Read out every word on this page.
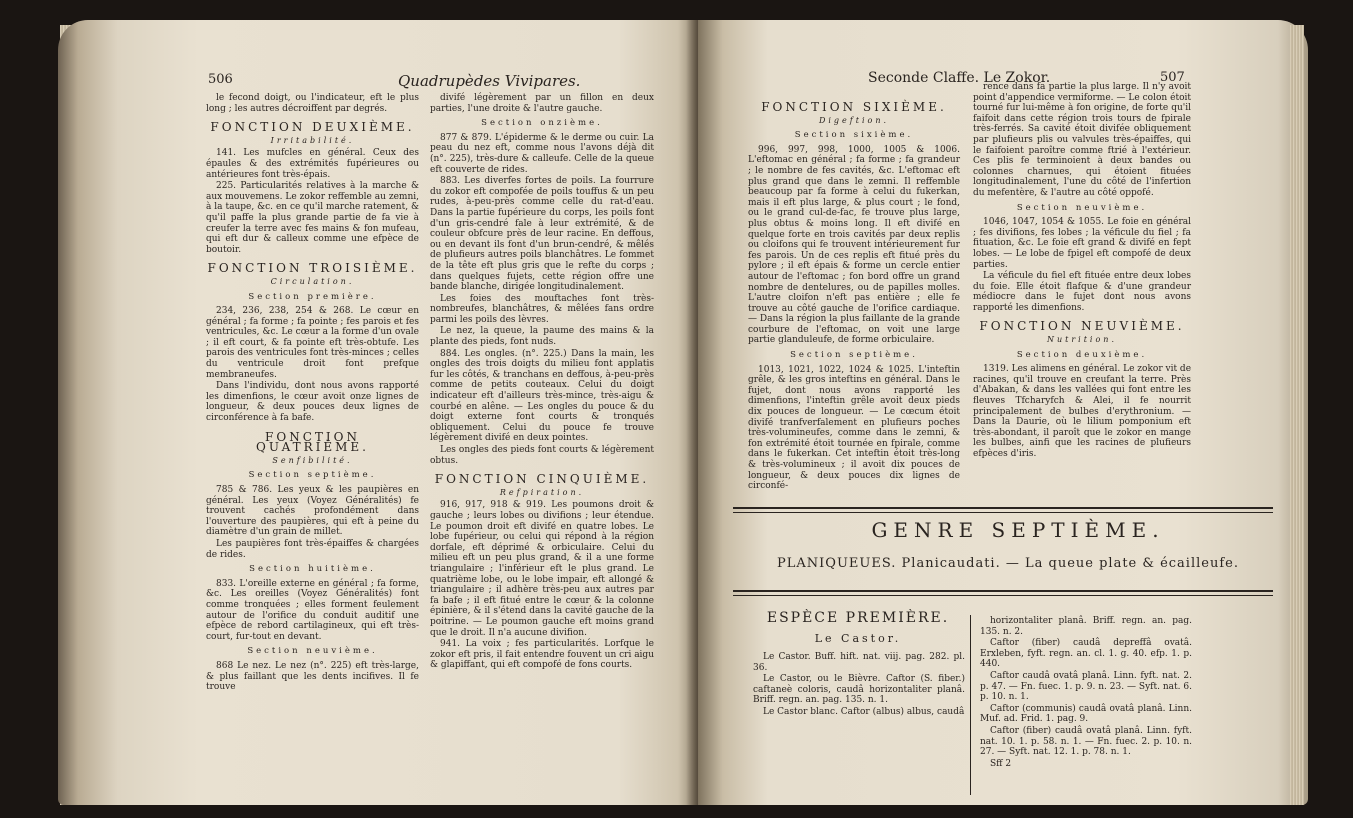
506	Quadrupèdes Vivipares.

le fecond doigt, ou l'indicateur, eft le plus long ; les autres décroiffent par degrés.

FONCTION DEUXIÈME.
Irritabilité.

141. Les mufcles en général. Ceux des épaules & des extrémités fupérieures ou antérieures font très-épais.

225. Particularités relatives à la marche & aux mouvemens. Le zokor reffemble au zemni, à la taupe, &c. en ce qu'il marche ratement, & qu'il paffe la plus grande partie de fa vie à creufer la terre avec fes mains & fon mufeau, qui eft dur & calleux comme une efpèce de boutoir.

FONCTION TROISIÈME.
Circulation.
Section première.

234, 236, 238, 254 & 268. Le cœur en général ; fa forme ; fa pointe ; fes parois et fes ventricules, &c. Le cœur a la forme d'un ovale ; il eft court, & fa pointe eft très-obtufe. Les parois des ventricules font très-minces ; celles du ventricule droit font prefque membraneufes.

Dans l'individu, dont nous avons rapporté les dimenfions, le cœur avoit onze lignes de longueur, & deux pouces deux lignes de circonférence à fa bafe.

FONCTION QUATRIÈME.
Senfibilité.
Section septième.

785 & 786. Les yeux & les paupières en général. Les yeux (Voyez Généralités) fe trouvent cachés profondément dans l'ouverture des paupières, qui eft à peine du diamètre d'un grain de millet.

Les paupières font très-épaiffes & chargées de rides.

Section huitième.

833. L'oreille externe en général ; fa forme, &c. Les oreilles (Voyez Généralités) font comme tronquées ; elles forment feulement autour de l'orifice du conduit auditif une efpèce de rebord cartilagineux, qui eft très-court, fur-tout en devant.

Section neuvième.

868 Le nez. Le nez (n°. 225) eft très-large, & plus faillant que les dents incifives. Il fe trouve

divifé légèrement par un fillon en deux parties, l'une droite & l'autre gauche.

Section onzième.

877 & 879. L'épiderme & le derme ou cuir. La peau du nez eft, comme nous l'avons déjà dit (n°. 225), très-dure & calleufe. Celle de la queue eft couverte de rides.

883. Les diverfes fortes de poils. La fourrure du zokor eft compofée de poils touffus & un peu rudes, à-peu-près comme celle du rat-d'eau. Dans la partie fupérieure du corps, les poils font d'un gris-cendré fale à leur extrémité, & de couleur obfcure près de leur racine. En deffous, ou en devant ils font d'un brun-cendré, & mêlés de plufieurs autres poils blanchâtres. Le fommet de la tête eft plus gris que le refte du corps ; dans quelques fujets, cette région offre une bande blanche, dirigée longitudinalement.

Les foies des mouftaches font très-nombreufes, blanchâtres, & mêlées fans ordre parmi les poils des lèvres.

Le nez, la queue, la paume des mains & la plante des pieds, font nuds.

884. Les ongles. (n°. 225.) Dans la main, les ongles des trois doigts du milieu font applatis fur les côtés, & tranchans en deffous, à-peu-près comme de petits couteaux. Celui du doigt indicateur eft d'ailleurs très-mince, très-aigu & courbé en alêne. — Les ongles du pouce & du doigt externe font courts & tronqués obliquement. Celui du pouce fe trouve légèrement divifé en deux pointes.

Les ongles des pieds font courts & légèrement obtus.

FONCTION CINQUIÈME.
Refpiration.

916, 917, 918 & 919. Les poumons droit & gauche ; leurs lobes ou divifions ; leur étendue. Le poumon droit eft divifé en quatre lobes. Le lobe fupérieur, ou celui qui répond à la région dorfale, eft déprimé & orbiculaire. Celui du milieu eft un peu plus grand, & il a une forme triangulaire ; l'inférieur eft le plus grand. Le quatrième lobe, ou le lobe impair, eft allongé & triangulaire ; il adhère très-peu aux autres par fa bafe ; il eft fitué entre le cœur & la colonne épinière, & il s'étend dans la cavité gauche de la poitrine. — Le poumon gauche eft moins grand que le droit. Il n'a aucune divifion.

941. La voix ; fes particularités. Lorfque le zokor eft pris, il fait entendre fouvent un cri aigu & glapiffant, qui eft compofé de fons courts.

Seconde Claffe. Le Zokor.	507
FONCTION SIXIÈME.
Digeftion.
Section sixième.

996, 997, 998, 1000, 1005 & 1006. L'eftomac en général ; fa forme ; fa grandeur ; le nombre de fes cavités, &c. L'eftomac eft plus grand que dans le zemni. Il reffemble beaucoup par fa forme à celui du fukerkan, mais il eft plus large, & plus court ; le fond, ou le grand cul-de-fac, fe trouve plus large, plus obtus & moins long. Il eft divifé en quelque forte en trois cavités par deux replis ou cloifons qui fe trouvent intérieurement fur fes parois. Un de ces replis eft fitué près du pylore ; il eft épais & forme un cercle entier autour de l'eftomac ; fon bord offre un grand nombre de dentelures, ou de papilles molles. L'autre cloifon n'eft pas entière ; elle fe trouve au côté gauche de l'orifice cardiaque. — Dans la région la plus faillante de la grande courbure de l'eftomac, on voit une large partie glanduleufe, de forme orbiculaire.

Section septième.

1013, 1021, 1022, 1024 & 1025. L'inteftin grêle, & les gros inteftins en général. Dans le fujet, dont nous avons rapporté les dimenfions, l'inteftin grêle avoit deux pieds dix pouces de longueur. — Le cœcum étoit divifé tranfverfalement en plufieurs poches très-volumineufes, comme dans le zemni, & fon extrémité étoit tournée en fpirale, comme dans le fukerkan. Cet inteftin étoit très-long & très-volumineux ; il avoit dix pouces de longueur, & deux pouces dix lignes de circonfé-

rence dans fa partie la plus large. Il n'y avoit point d'appendice vermiforme. — Le colon étoit tourné fur lui-même à fon origine, de forte qu'il faifoit dans cette région trois tours de fpirale très-ferrés. Sa cavité étoit divifée obliquement par plufieurs plis ou valvules très-épaiffes, qui le faifoient paroître comme ftrié à l'extérieur. Ces plis fe terminoient à deux bandes ou colonnes charnues, qui étoient fituées longitudinalement, l'une du côté de l'infertion du mefentère, & l'autre au côté oppofé.

Section neuvième.

1046, 1047, 1054 & 1055. Le foie en général ; fes divifions, fes lobes ; la véficule du fiel ; fa fituation, &c. Le foie eft grand & divifé en fept lobes. — Le lobe de fpigel eft compofé de deux parties.

La véficule du fiel eft fituée entre deux lobes du foie. Elle étoit flafque & d'une grandeur médiocre dans le fujet dont nous avons rapporté les dimenfions.

FONCTION NEUVIÈME.
Nutrition.
Section deuxième.

1319. Les alimens en général. Le zokor vit de racines, qu'il trouve en creufant la terre. Près d'Abakan, & dans les vallées qui font entre les fleuves Tfcharyfch & Alei, il fe nourrit principalement de bulbes d'erythronium. — Dans la Daurie, où le lilium pomponium eft très-abondant, il paroît que le zokor en mange les bulbes, ainfi que les racines de plufieurs efpèces d'iris.

GENRE SEPTIÈME.
PLANIQUEUES. Planicaudati. — La queue plate & écailleufe.
ESPÈCE PREMIÈRE.
Le Castor.

Le Castor. Buff. hift. nat. viij. pag. 282. pl. 36.

Le Castor, ou le Bièvre. Caftor (S. fiber.) caftaneè coloris, caudâ horizontaliter planâ. Briff. regn. an. pag. 135. n. 1.

Le Castor blanc. Caftor (albus) albus, caudâ

horizontaliter planâ. Briff. regn. an. pag. 135. n. 2.

Caftor (fiber) caudâ depreffâ ovatâ. Erxleben, fyft. regn. an. cl. 1. g. 40. efp. 1. p. 440.

Caftor caudâ ovatâ planâ. Linn. fyft. nat. 2. p. 47. — Fn. fuec. 1. p. 9. n. 23. — Syft. nat. 6. p. 10. n. 1.

Caftor (communis) caudâ ovatâ planâ. Linn. Muf. ad. Frid. 1. pag. 9.

Caftor (fiber) caudâ ovatâ planâ. Linn. fyft. nat. 10. 1. p. 58. n. 1. — Fn. fuec. 2. p. 10. n. 27. — Syft. nat. 12. 1. p. 78. n. 1.

Sff 2
